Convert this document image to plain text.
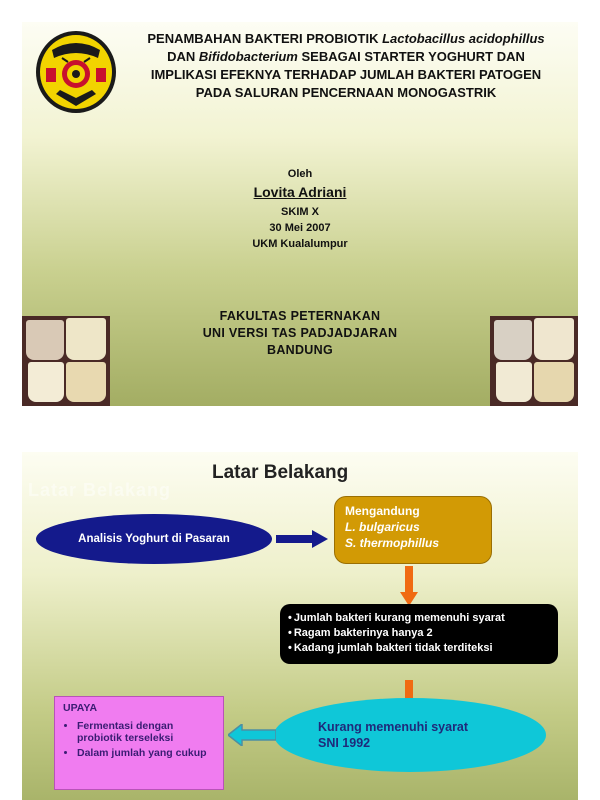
PENAMBAHAN BAKTERI PROBIOTIK Lactobacillus acidophillus
DAN Bifidobacterium SEBAGAI STARTER YOGHURT DAN
IMPLIKASI EFEKNYA TERHADAP JUMLAH BAKTERI PATOGEN
PADA SALURAN PENCERNAAN MONOGASTRIK
Oleh
Lovita Adriani
SKIM X
30 Mei 2007
UKM Kualalumpur
FAKULTAS PETERNAKAN
UNI VERSI TAS PADJADJARAN
BANDUNG
Latar Belakang
Latar Belakang
Analisis Yoghurt di Pasaran
Mengandung
L. bulgaricus
S. thermophillus
• Jumlah bakteri kurang memenuhi syarat
• Ragam bakterinya hanya 2
• Kadang jumlah bakteri tidak terditeksi
Kurang memenuhi syarat
SNI 1992
UPAYA
• Fermentasi dengan probiotik terseleksi
• Dalam jumlah yang cukup
